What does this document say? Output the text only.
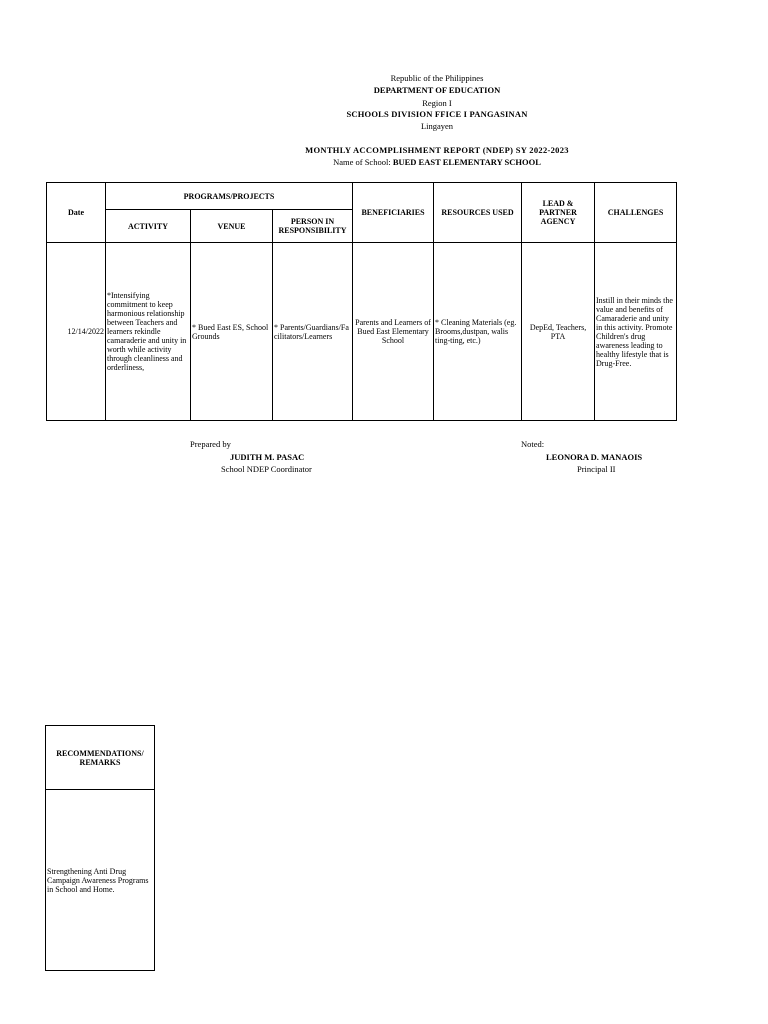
Republic of the Philippines
DEPARTMENT OF EDUCATION
Region I
SCHOOLS DIVISION FFICE I PANGASINAN
Lingayen
MONTHLY ACCOMPLISHMENT REPORT (NDEP) SY 2022-2023
Name of School: BUED EAST ELEMENTARY SCHOOL
Date	PROGRAMS/PROJECTS			BENEFICIARIES	RESOURCES USED	LEAD & PARTNER AGENCY	CHALLENGES
	ACTIVITY	VENUE	PERSON IN RESPONSIBILITY				
12/14/2022	*Intensifying commitment to keep harmonious relationship between Teachers and learners rekindle camaraderie and unity in worth while activity through cleanliness and orderliness,	* Bued East ES, School Grounds	* Parents/Guardians/Facilitators/Learners	Parents and Learners of Bued East Elementary School	* Cleaning Materials (eg. Brooms,dustpan, walis ting-ting, etc.)	DepEd, Teachers, PTA	Instill in their minds the value and benefits of Camaraderie and unity in this activity. Promote Children's drug awareness leading to healthy lifestyle that is Drug-Free.
Prepared by
JUDITH M. PASAC
School NDEP Coordinator
Noted:
LEONORA D. MANAOIS
Principal II
RECOMMENDATIONS/ REMARKS
Strengthening Anti Drug Campaign Awareness Programs in School and Home.
